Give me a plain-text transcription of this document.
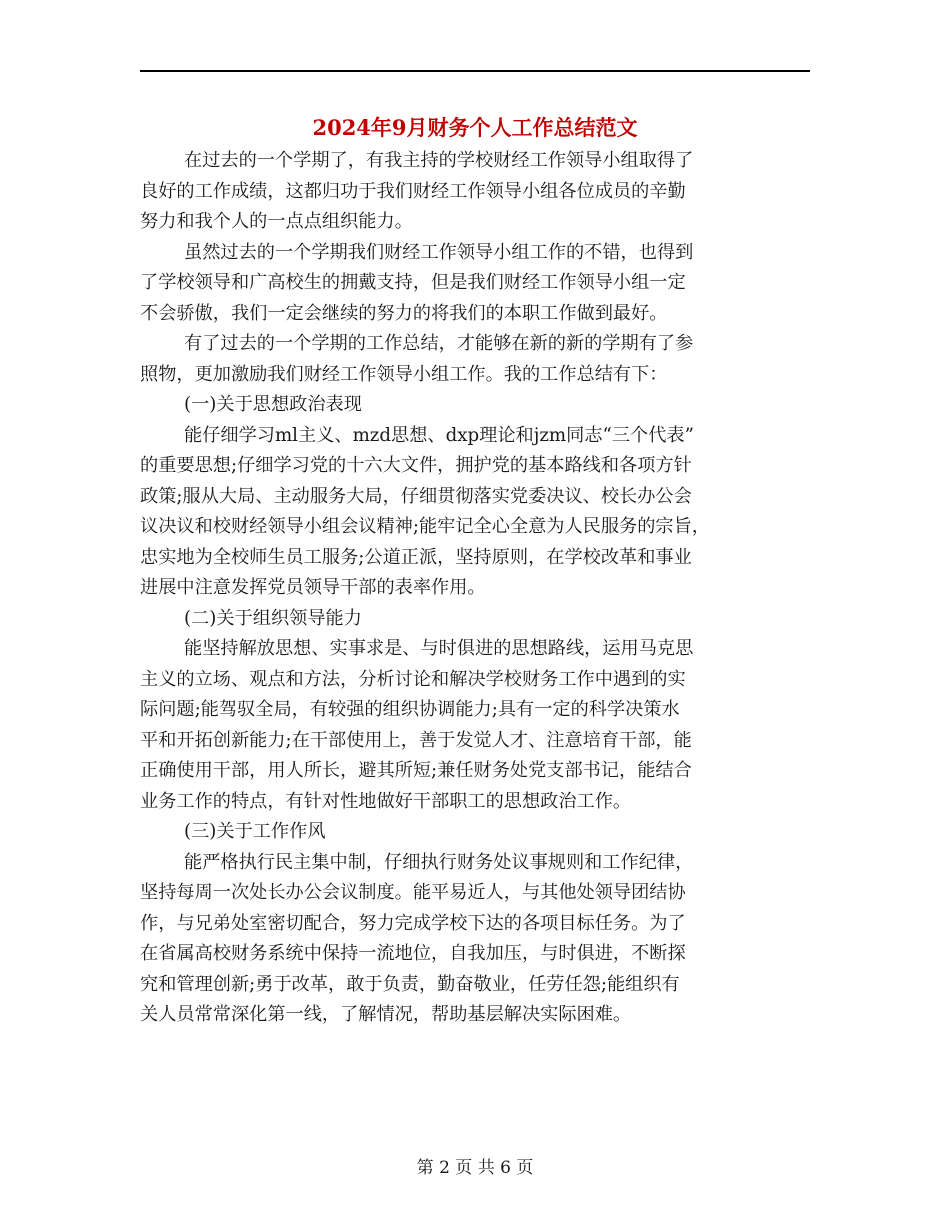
2024年9月财务个人工作总结范文
在过去的一个学期了，有我主持的学校财经工作领导小组取得了
良好的工作成绩，这都归功于我们财经工作领导小组各位成员的辛勤
努力和我个人的一点点组织能力。
虽然过去的一个学期我们财经工作领导小组工作的不错，也得到
了学校领导和广高校生的拥戴支持，但是我们财经工作领导小组一定
不会骄傲，我们一定会继续的努力的将我们的本职工作做到最好。
有了过去的一个学期的工作总结，才能够在新的新的学期有了参
照物，更加激励我们财经工作领导小组工作。我的工作总结有下：
(一)关于思想政治表现
能仔细学习ml主义、mzd思想、dxp理论和jzm同志“三个代表”
的重要思想;仔细学习党的十六大文件，拥护党的基本路线和各项方针
政策;服从大局、主动服务大局，仔细贯彻落实党委决议、校长办公会
议决议和校财经领导小组会议精神;能牢记全心全意为人民服务的宗旨，
忠实地为全校师生员工服务;公道正派，坚持原则，在学校改革和事业
进展中注意发挥党员领导干部的表率作用。
(二)关于组织领导能力
能坚持解放思想、实事求是、与时俱进的思想路线，运用马克思
主义的立场、观点和方法，分析讨论和解决学校财务工作中遇到的实
际问题;能驾驭全局，有较强的组织协调能力;具有一定的科学决策水
平和开拓创新能力;在干部使用上，善于发觉人才、注意培育干部，能
正确使用干部，用人所长，避其所短;兼任财务处党支部书记，能结合
业务工作的特点，有针对性地做好干部职工的思想政治工作。
(三)关于工作作风
能严格执行民主集中制，仔细执行财务处议事规则和工作纪律，
坚持每周一次处长办公会议制度。能平易近人，与其他处领导团结协
作，与兄弟处室密切配合，努力完成学校下达的各项目标任务。为了
在省属高校财务系统中保持一流地位，自我加压，与时俱进，不断探
究和管理创新;勇于改革，敢于负责，勤奋敬业，任劳任怨;能组织有
关人员常常深化第一线，了解情况，帮助基层解决实际困难。
第 2 页 共 6 页
